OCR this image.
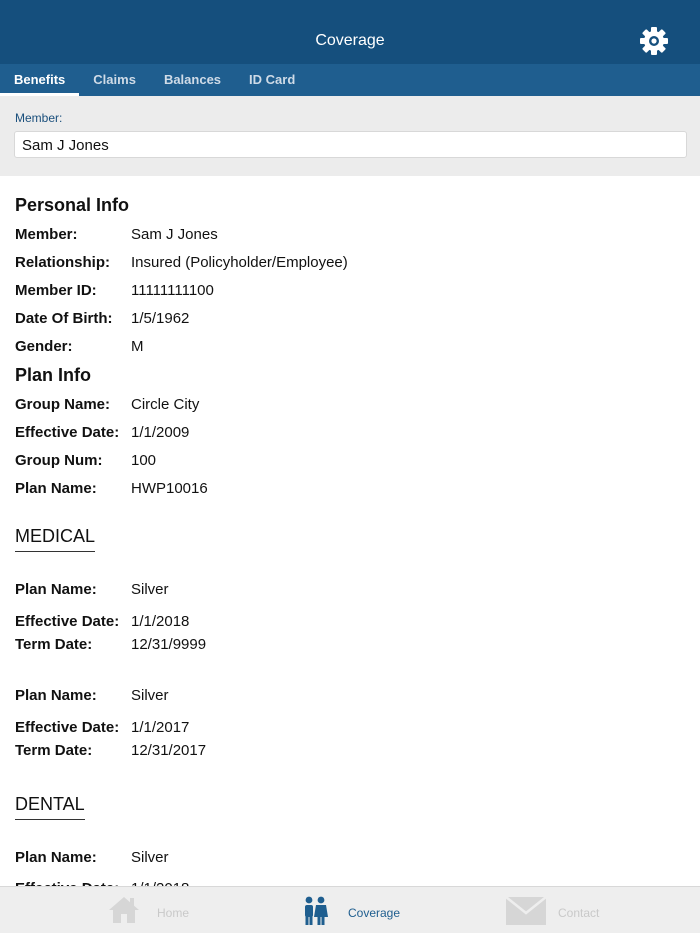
Coverage
Benefits	Claims	Balances	ID Card
Member:
Sam J Jones
Personal Info
Member:	Sam J Jones
Relationship: Insured (Policyholder/Employee)
Member ID: 11111111100
Date Of Birth: 1/5/1962
Gender:	M
Plan Info
Group Name: Circle City
Effective Date: 1/1/2009
Group Num: 100
Plan Name: HWP10016
MEDICAL
Plan Name: Silver
Effective Date: 1/1/2018
Term Date:	12/31/9999
Plan Name: Silver
Effective Date: 1/1/2017
Term Date:	12/31/2017
DENTAL
Plan Name: Silver
Home	Coverage	Contact
